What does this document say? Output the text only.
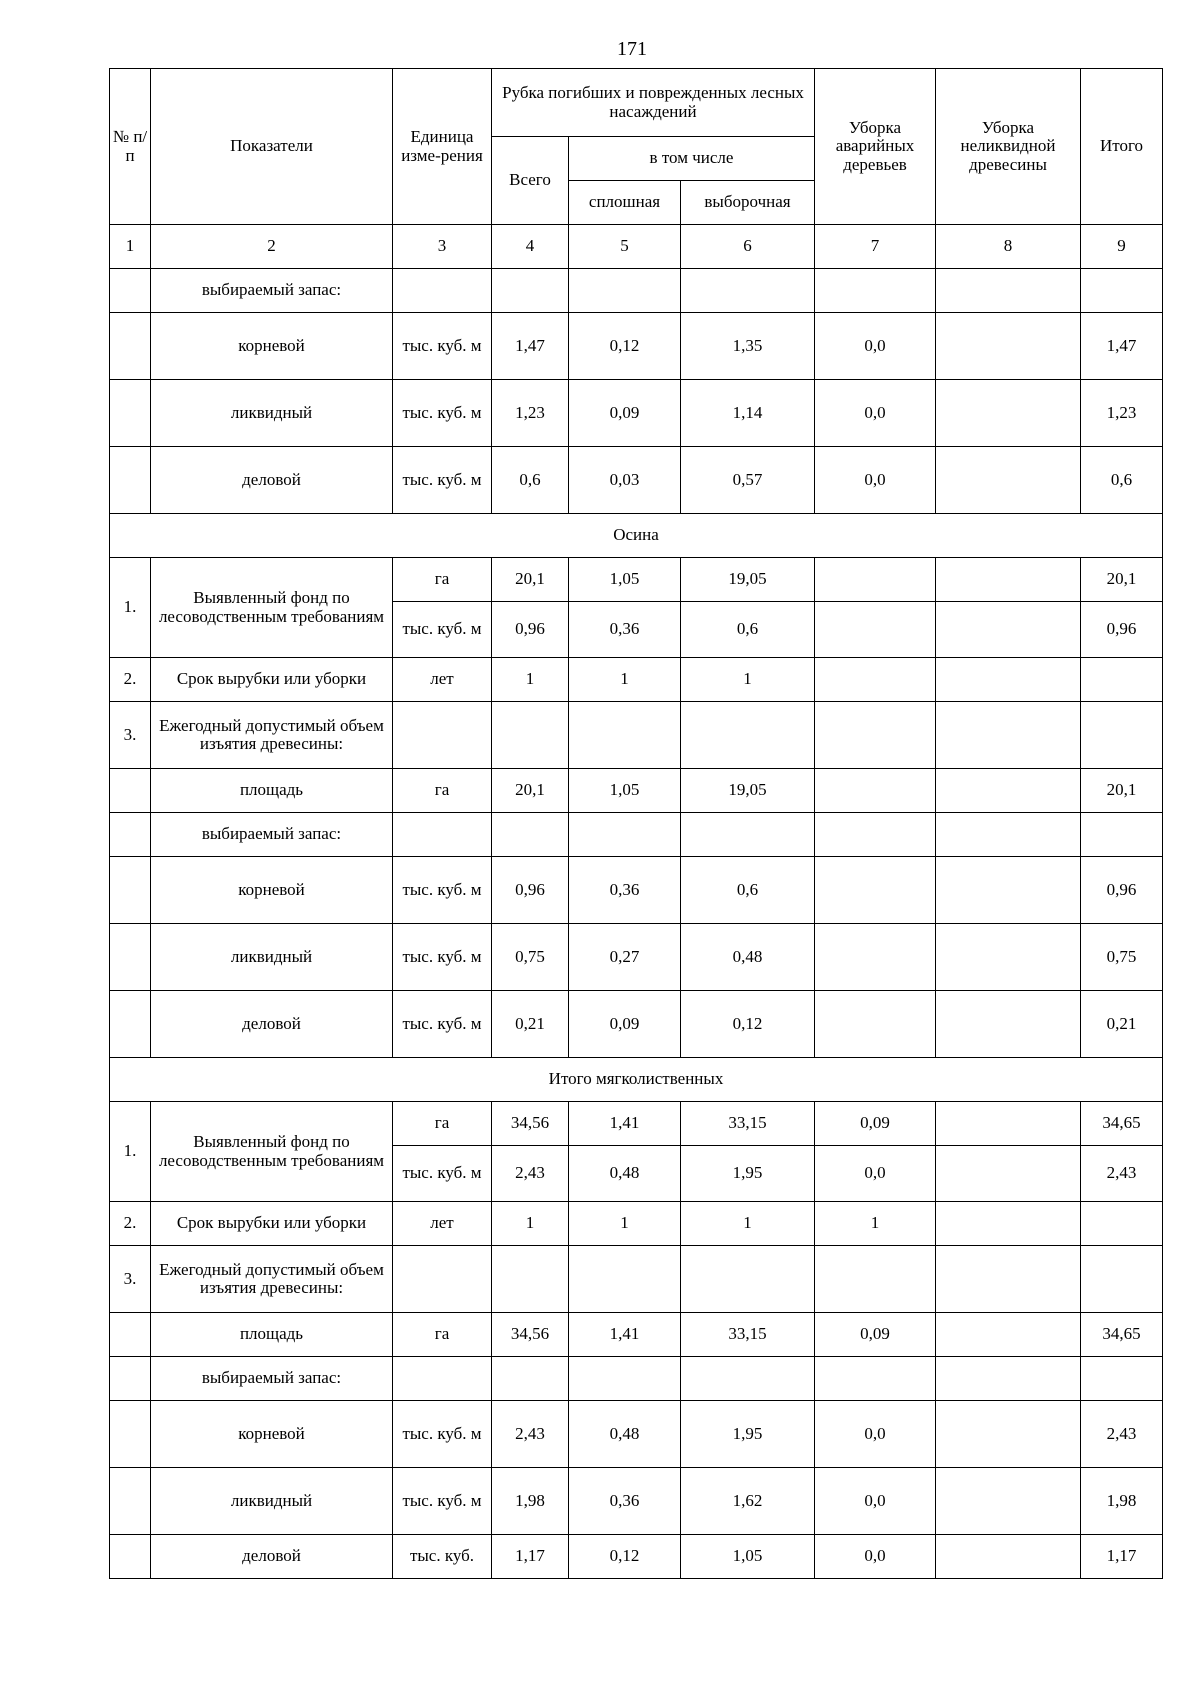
171
№ п/п	Показатели	Единица изме-рения	Рубка погибших и поврежденных лесных насаждений			Уборка аварийных деревьев	Уборка неликвидной древесины	Итого
			Всего	в том числе				
				сплошная	выборочная			
1	2	3	4	5	6	7	8	9
	выбираемый запас:							
	корневой	тыс. куб. м	1,47	0,12	1,35	0,0		1,47
	ликвидный	тыс. куб. м	1,23	0,09	1,14	0,0		1,23
	деловой	тыс. куб. м	0,6	0,03	0,57	0,0		0,6
Осина								
1.	Выявленный фонд по лесоводственным требованиям	га	20,1	1,05	19,05			20,1
		тыс. куб. м	0,96	0,36	0,6			0,96
2.	Срок вырубки или уборки	лет	1	1	1			
3.	Ежегодный допустимый объем изъятия древесины:							
	площадь	га	20,1	1,05	19,05			20,1
	выбираемый запас:							
	корневой	тыс. куб. м	0,96	0,36	0,6			0,96
	ликвидный	тыс. куб. м	0,75	0,27	0,48			0,75
	деловой	тыс. куб. м	0,21	0,09	0,12			0,21
Итого мягколиственных								
1.	Выявленный фонд по лесоводственным требованиям	га	34,56	1,41	33,15	0,09		34,65
		тыс. куб. м	2,43	0,48	1,95	0,0		2,43
2.	Срок вырубки или уборки	лет	1	1	1	1		
3.	Ежегодный допустимый объем изъятия древесины:							
	площадь	га	34,56	1,41	33,15	0,09		34,65
	выбираемый запас:							
	корневой	тыс. куб. м	2,43	0,48	1,95	0,0		2,43
	ликвидный	тыс. куб. м	1,98	0,36	1,62	0,0		1,98
	деловой	тыс. куб.	1,17	0,12	1,05	0,0		1,17
